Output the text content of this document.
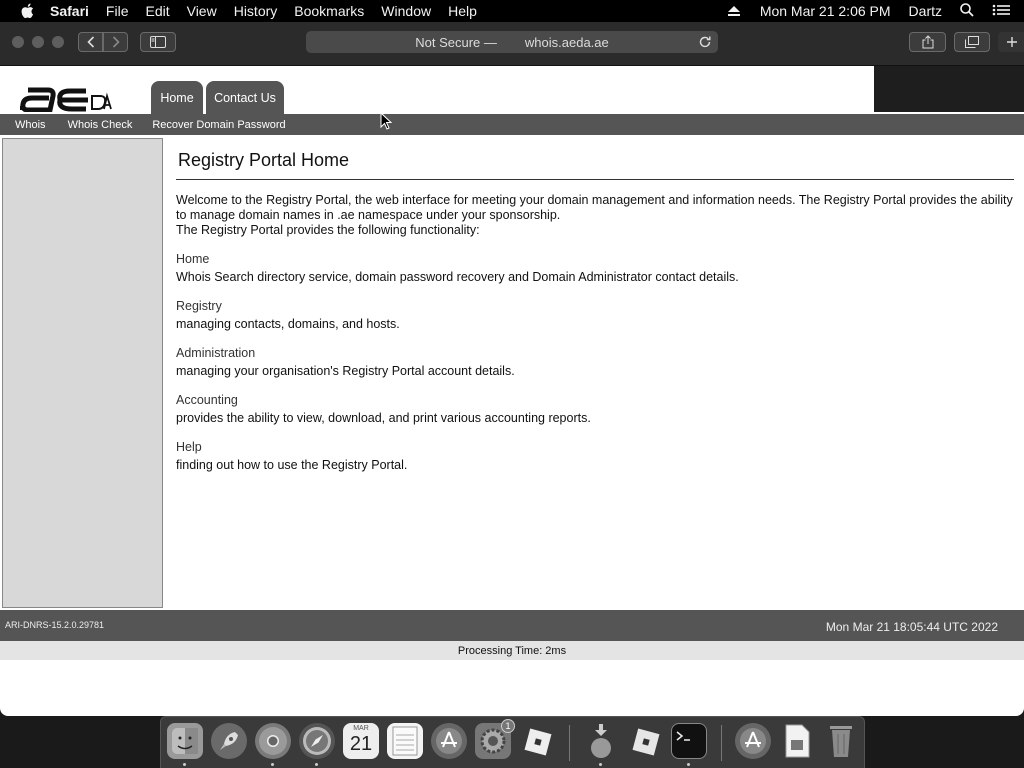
Safari File Edit View History Bookmarks Window Help	Mon Mar 21 2:06 PM Dartz
Not Secure — whois.aeda.ae
Home	Contact Us
Whois Whois Check Recover Domain Password
Registry Portal Home
Welcome to the Registry Portal, the web interface for meeting your domain management and information needs. The Registry Portal provides the ability to manage domain names in .ae namespace under your sponsorship.
The Registry Portal provides the following functionality:
Home
Whois Search directory service, domain password recovery and Domain Administrator contact details.
Registry
managing contacts, domains, and hosts.
Administration
managing your organisation's Registry Portal account details.
Accounting
provides the ability to view, download, and print various accounting reports.
Help
finding out how to use the Registry Portal.
ARI-DNRS-15.2.0.29781	Mon Mar 21 18:05:44 UTC 2022
Processing Time: 2ms
MAR
21
1
